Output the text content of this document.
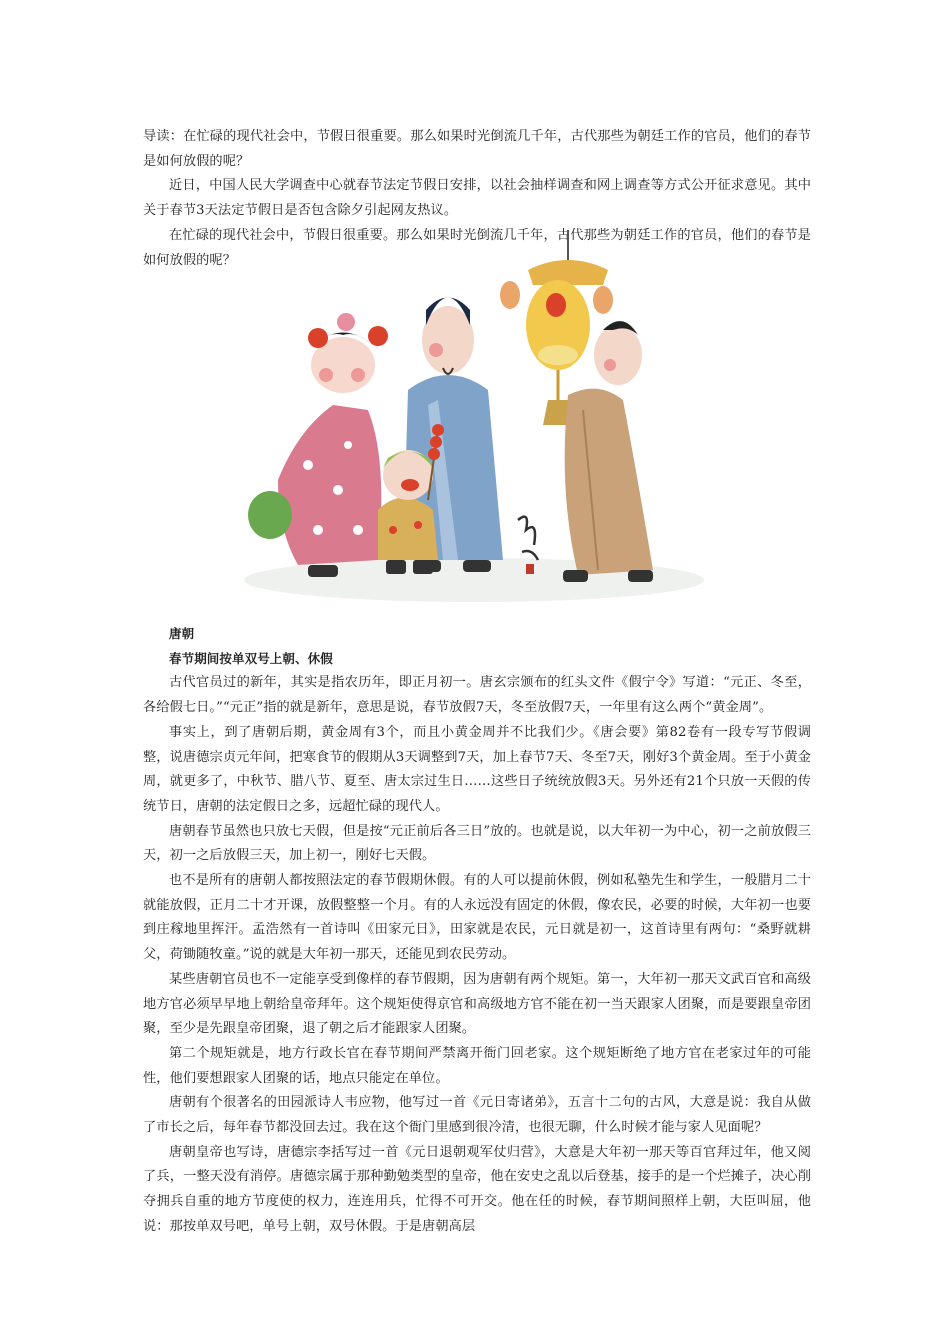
导读：在忙碌的现代社会中，节假日很重要。那么如果时光倒流几千年，古代那些为朝廷工作的官员，他们的春节是如何放假的呢？

近日，中国人民大学调查中心就春节法定节假日安排，以社会抽样调查和网上调查等方式公开征求意见。其中关于春节3天法定节假日是否包含除夕引起网友热议。

在忙碌的现代社会中，节假日很重要。那么如果时光倒流几千年，古代那些为朝廷工作的官员，他们的春节是如何放假的呢？

唐朝

春节期间按单双号上朝、休假

古代官员过的新年，其实是指农历年，即正月初一。唐玄宗颁布的红头文件《假宁令》写道：“元正、冬至，各给假七日。”“元正”指的就是新年，意思是说，春节放假7天，冬至放假7天，一年里有这么两个“黄金周”。

事实上，到了唐朝后期，黄金周有3个，而且小黄金周并不比我们少。《唐会要》第82卷有一段专写节假调整，说唐德宗贞元年间，把寒食节的假期从3天调整到7天，加上春节7天、冬至7天，刚好3个黄金周。至于小黄金周，就更多了，中秋节、腊八节、夏至、唐太宗过生日……这些日子统统放假3天。另外还有21个只放一天假的传统节日，唐朝的法定假日之多，远超忙碌的现代人。

唐朝春节虽然也只放七天假，但是按“元正前后各三日”放的。也就是说，以大年初一为中心，初一之前放假三天，初一之后放假三天，加上初一，刚好七天假。

也不是所有的唐朝人都按照法定的春节假期休假。有的人可以提前休假，例如私塾先生和学生，一般腊月二十就能放假，正月二十才开课，放假整整一个月。有的人永远没有固定的休假，像农民，必要的时候，大年初一也要到庄稼地里挥汗。孟浩然有一首诗叫《田家元日》，田家就是农民，元日就是初一，这首诗里有两句：“桑野就耕父，荷锄随牧童。”说的就是大年初一那天，还能见到农民劳动。

某些唐朝官员也不一定能享受到像样的春节假期，因为唐朝有两个规矩。第一，大年初一那天文武百官和高级地方官必须早早地上朝给皇帝拜年。这个规矩使得京官和高级地方官不能在初一当天跟家人团聚，而是要跟皇帝团聚，至少是先跟皇帝团聚，退了朝之后才能跟家人团聚。

第二个规矩就是，地方行政长官在春节期间严禁离开衙门回老家。这个规矩断绝了地方官在老家过年的可能性，他们要想跟家人团聚的话，地点只能定在单位。

唐朝有个很著名的田园派诗人韦应物，他写过一首《元日寄诸弟》，五言十二句的古风，大意是说：我自从做了市长之后，每年春节都没回去过。我在这个衙门里感到很冷清，也很无聊，什么时候才能与家人见面呢？

唐朝皇帝也写诗，唐德宗李括写过一首《元日退朝观军仗归营》，大意是大年初一那天等百官拜过年，他又阅了兵，一整天没有消停。唐德宗属于那种勤勉类型的皇帝，他在安史之乱以后登基，接手的是一个烂摊子，决心削夺拥兵自重的地方节度使的权力，连连用兵，忙得不可开交。他在任的时候，春节期间照样上朝，大臣叫屈，他说：那按单双号吧，单号上朝，双号休假。于是唐朝高层
